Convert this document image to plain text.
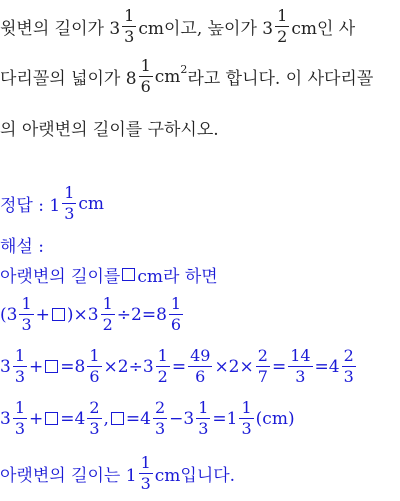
윗변의 길이가 $3 \frac{1}{3}$ cm이고, 높이가 $3 \frac{1}{2}$ cm인 사
다리꼴의 넓이가 $8 \frac{1}{6} cm^2$ 라고 합니다. 이 사다리꼴
의 아랫변의 길이를 구하시오.
정답 : $1 \frac{1}{3}$ cm
해설 :
아랫변의 길이를 cm라 하면
$(3 \frac{1}{3} + )\times 3 \frac{1}{2} \div 2=8 \frac{1}{6}$
$3 \frac{1}{3} + =8 \frac{1}{6} \times 2\div 3 \frac{1}{2} = \frac{49}{6} \times 2\times \frac{2}{7} = \frac{14}{3} =4 \frac{2}{3}$
$3 \frac{1}{3} + =4 \frac{2}{3}$ , $=4 \frac{2}{3} -3 \frac{1}{3} =1 \frac{1}{3} (cm)$
아랫변의 길이는 $1 \frac{1}{3}$ cm입니다.
